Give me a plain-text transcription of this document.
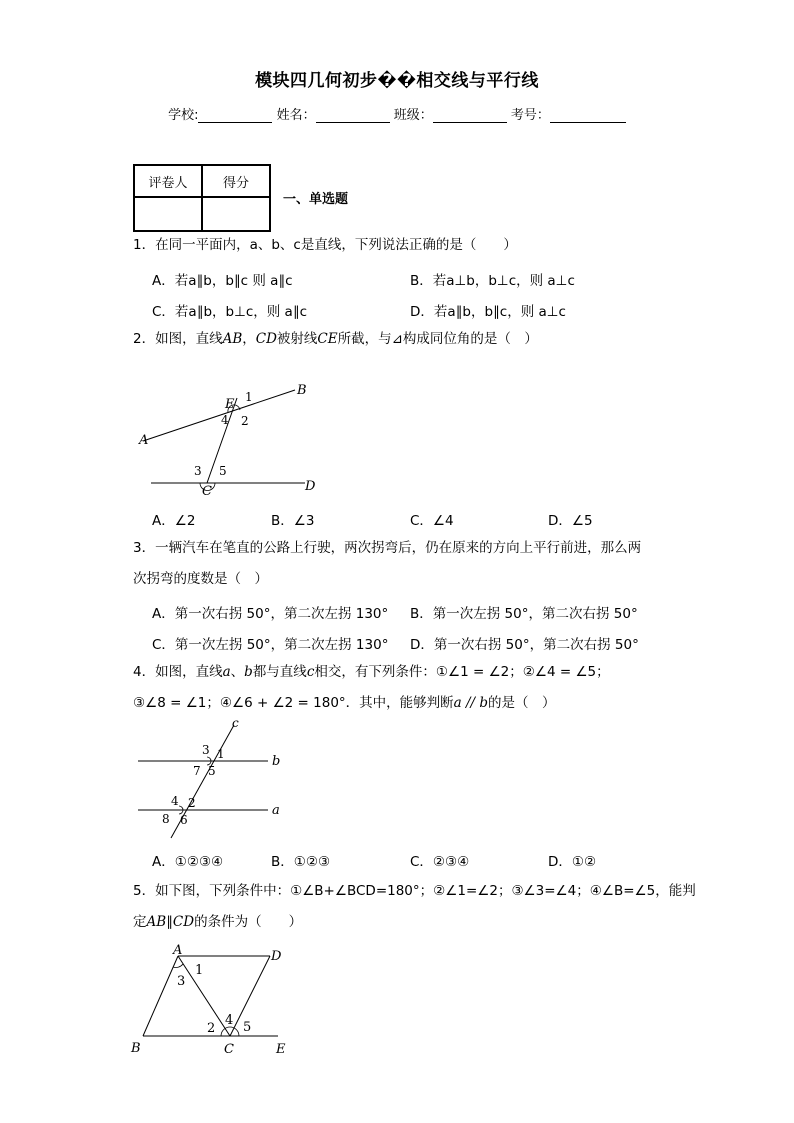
模块四几何初步��相交线与平行线
学校:	姓名：	班级：	考号：
评卷人	得分

一、单选题
1．在同一平面内，a、b、c是直线，下列说法正确的是（　　）
A．若a∥b，b∥c 则 a∥c	B．若a⊥b，b⊥c，则 a⊥c
C．若a∥b，b⊥c，则 a∥c	D．若a∥b，b∥c，则 a⊥c
2．如图，直线AB，CD被射线CE所截，与⊿构成同位角的是（　）
A
B
C	D
E 1
2
3
4
5
A．∠2	B．∠3	C．∠4	D．∠5
3．一辆汽车在笔直的公路上行驶，两次拐弯后，仍在原来的方向上平行前进，那么两
次拐弯的度数是（　）
A．第一次右拐 50°，第二次左拐 130° B．第一次左拐 50°，第二次右拐 50°
C．第一次左拐 50°，第二次左拐 130° D．第一次右拐 50°，第二次右拐 50°
4．如图，直线a、b都与直线c相交，有下列条件：①∠1 = ∠2；②∠4 = ∠5；
③∠8 = ∠1；④∠6 + ∠2 = 180°．其中，能够判断a // b的是（　）
c
b
a
3 1
7 5
4 2
8 6
A．①②③④	B．①②③	C．②③④	D．①②
5．如下图，下列条件中：①∠B+∠BCD=180°；②∠1=∠2；③∠3=∠4；④∠B=∠5，能判
定AB∥CD的条件为（　　）
A	D
B	C	E
1
3
2
4 5
